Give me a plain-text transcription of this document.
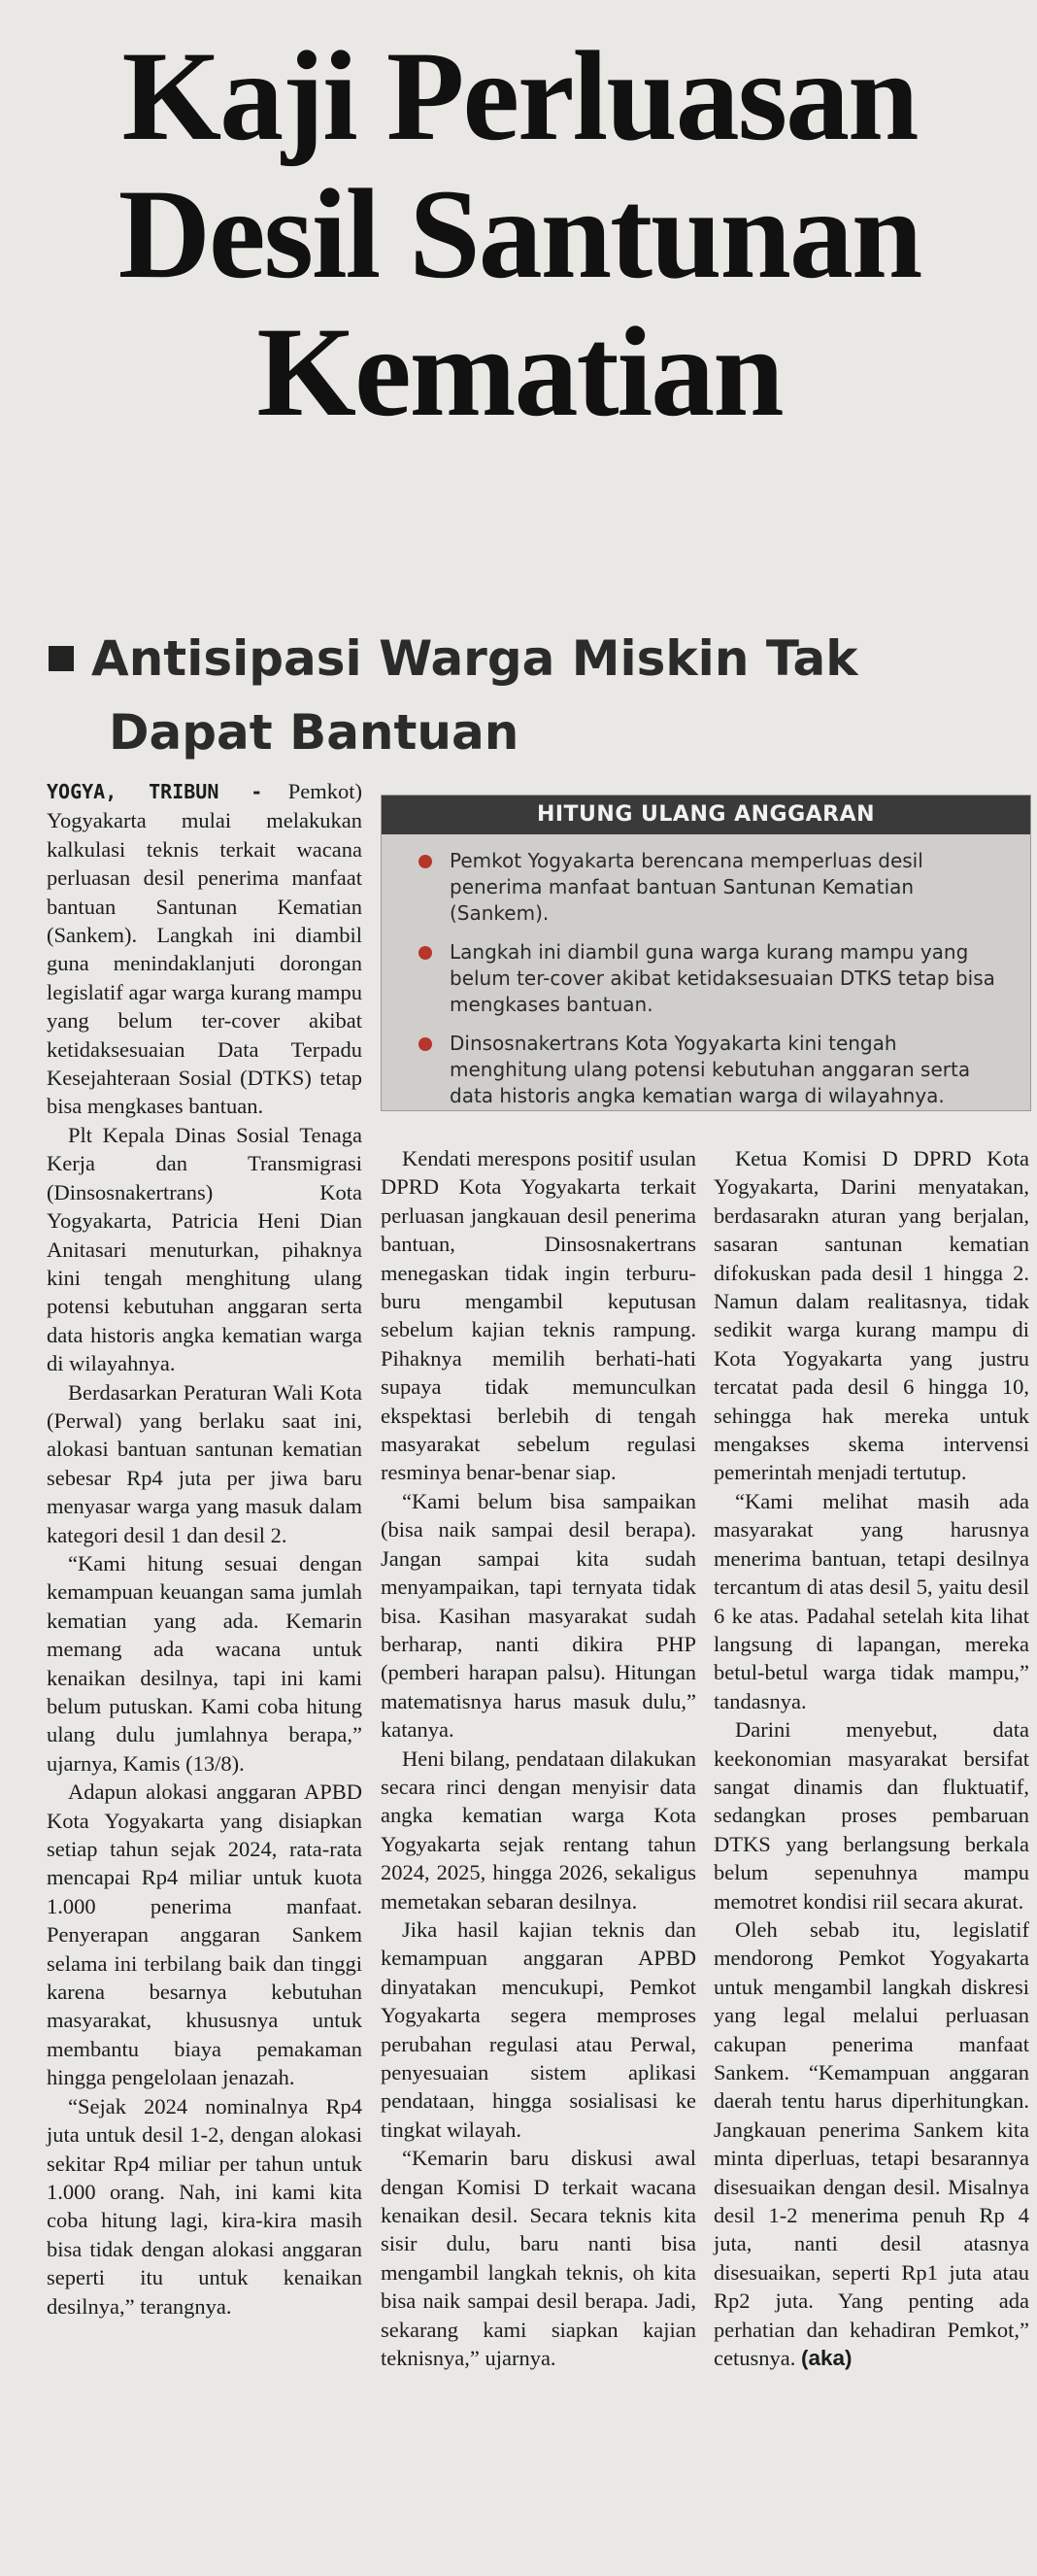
Kaji Perluasan
Desil Santunan
Kematian
Antisipasi Warga Miskin Tak
Dapat Bantuan
HITUNG ULANG ANGGARAN
Pemkot Yogyakarta berencana memperluas desil penerima manfaat bantuan Santunan Kematian (Sankem).
Langkah ini diambil guna warga kurang mampu yang belum ter-cover akibat ketidaksesuaian DTKS tetap bisa mengkases bantuan.
Dinsosnakertrans Kota Yogyakarta kini tengah menghitung ulang potensi kebutuhan anggaran serta data historis angka kematian warga di wilayahnya.

YOGYA, TRIBUN - Pemkot) Yogyakarta mulai melakukan kalkulasi teknis terkait wacana perluasan desil penerima manfaat bantuan Santunan Kematian (Sankem). Langkah ini diambil guna menindaklanjuti dorongan legislatif agar warga kurang mampu yang belum ter-cover akibat ketidaksesuaian Data Terpadu Kesejahteraan Sosial (DTKS) tetap bisa mengkases bantuan.

Plt Kepala Dinas Sosial Tenaga Kerja dan Transmigrasi (Dinsosnakertrans) Kota Yogyakarta, Patricia Heni Dian Anitasari menuturkan, pihaknya kini tengah menghitung ulang potensi kebutuhan anggaran serta data historis angka kematian warga di wilayahnya.

Berdasarkan Peraturan Wali Kota (Perwal) yang berlaku saat ini, alokasi bantuan santunan kematian sebesar Rp4 juta per jiwa baru menyasar warga yang masuk dalam kategori desil 1 dan desil 2.

“Kami hitung sesuai dengan kemampuan keuangan sama jumlah kematian yang ada. Kemarin memang ada wacana untuk kenaikan desilnya, tapi ini kami belum putuskan. Kami coba hitung ulang dulu jumlahnya berapa,” ujarnya, Kamis (13/8).

Adapun alokasi anggaran APBD Kota Yogyakarta yang disiapkan setiap tahun sejak 2024, rata-rata mencapai Rp4 miliar untuk kuota 1.000 penerima manfaat. Penyerapan anggaran Sankem selama ini terbilang baik dan tinggi karena besarnya kebutuhan masyarakat, khususnya untuk membantu biaya pemakaman hingga pengelolaan jenazah.

“Sejak 2024 nominalnya Rp4 juta untuk desil 1-2, dengan alokasi sekitar Rp4 miliar per tahun untuk 1.000 orang. Nah, ini kami kita coba hitung lagi, kira-kira masih bisa tidak dengan alokasi anggaran seperti itu untuk kenaikan desilnya,” terangnya.

Kendati merespons positif usulan DPRD Kota Yogyakarta terkait perluasan jangkauan desil penerima bantuan, Dinsosnakertrans menegaskan tidak ingin terburu-buru mengambil keputusan sebelum kajian teknis rampung. Pihaknya memilih berhati-hati supaya tidak memunculkan ekspektasi berlebih di tengah masyarakat sebelum regulasi resminya benar-benar siap.

“Kami belum bisa sampaikan (bisa naik sampai desil berapa). Jangan sampai kita sudah menyampaikan, tapi ternyata tidak bisa. Kasihan masyarakat sudah berharap, nanti dikira PHP (pemberi harapan palsu). Hitungan matematisnya harus masuk dulu,” katanya.

Heni bilang, pendataan dilakukan secara rinci dengan menyisir data angka kematian warga Kota Yogyakarta sejak rentang tahun 2024, 2025, hingga 2026, sekaligus memetakan sebaran desilnya.

Jika hasil kajian teknis dan kemampuan anggaran APBD dinyatakan mencukupi, Pemkot Yogyakarta segera memproses perubahan regulasi atau Perwal, penyesuaian sistem aplikasi pendataan, hingga sosialisasi ke tingkat wilayah.

“Kemarin baru diskusi awal dengan Komisi D terkait wacana kenaikan desil. Secara teknis kita sisir dulu, baru nanti bisa mengambil langkah teknis, oh kita bisa naik sampai desil berapa. Jadi, sekarang kami siapkan kajian teknisnya,” ujarnya.

Ketua Komisi D DPRD Kota Yogyakarta, Darini menyatakan, berdasarakn aturan yang berjalan, sasaran santunan kematian difokuskan pada desil 1 hingga 2. Namun dalam realitasnya, tidak sedikit warga kurang mampu di Kota Yogyakarta yang justru tercatat pada desil 6 hingga 10, sehingga hak mereka untuk mengakses skema intervensi pemerintah menjadi tertutup.

“Kami melihat masih ada masyarakat yang harusnya menerima bantuan, tetapi desilnya tercantum di atas desil 5, yaitu desil 6 ke atas. Padahal setelah kita lihat langsung di lapangan, mereka betul-betul warga tidak mampu,” tandasnya.

Darini menyebut, data keekonomian masyarakat bersifat sangat dinamis dan fluktuatif, sedangkan proses pembaruan DTKS yang berlangsung berkala belum sepenuhnya mampu memotret kondisi riil secara akurat.

Oleh sebab itu, legislatif mendorong Pemkot Yogyakarta untuk mengambil langkah diskresi yang legal melalui perluasan cakupan penerima manfaat Sankem. “Kemampuan anggaran daerah tentu harus diperhitungkan. Jangkauan penerima Sankem kita minta diperluas, tetapi besarannya disesuaikan dengan desil. Misalnya desil 1-2 menerima penuh Rp 4 juta, nanti desil atasnya disesuaikan, seperti Rp1 juta atau Rp2 juta. Yang penting ada perhatian dan kehadiran Pemkot,” cetusnya. (aka)
